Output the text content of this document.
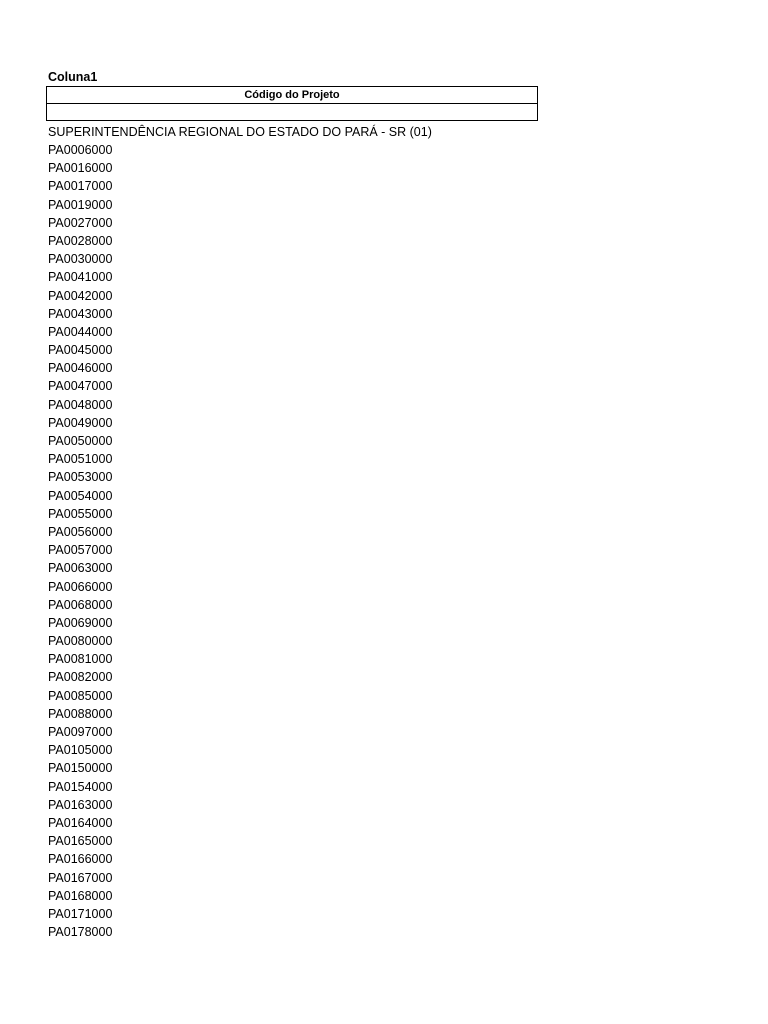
Coluna1
Código do Projeto

SUPERINTENDÊNCIA REGIONAL DO ESTADO DO PARÁ - SR (01)
PA0006000
PA0016000
PA0017000
PA0019000
PA0027000
PA0028000
PA0030000
PA0041000
PA0042000
PA0043000
PA0044000
PA0045000
PA0046000
PA0047000
PA0048000
PA0049000
PA0050000
PA0051000
PA0053000
PA0054000
PA0055000
PA0056000
PA0057000
PA0063000
PA0066000
PA0068000
PA0069000
PA0080000
PA0081000
PA0082000
PA0085000
PA0088000
PA0097000
PA0105000
PA0150000
PA0154000
PA0163000
PA0164000
PA0165000
PA0166000
PA0167000
PA0168000
PA0171000
PA0178000
